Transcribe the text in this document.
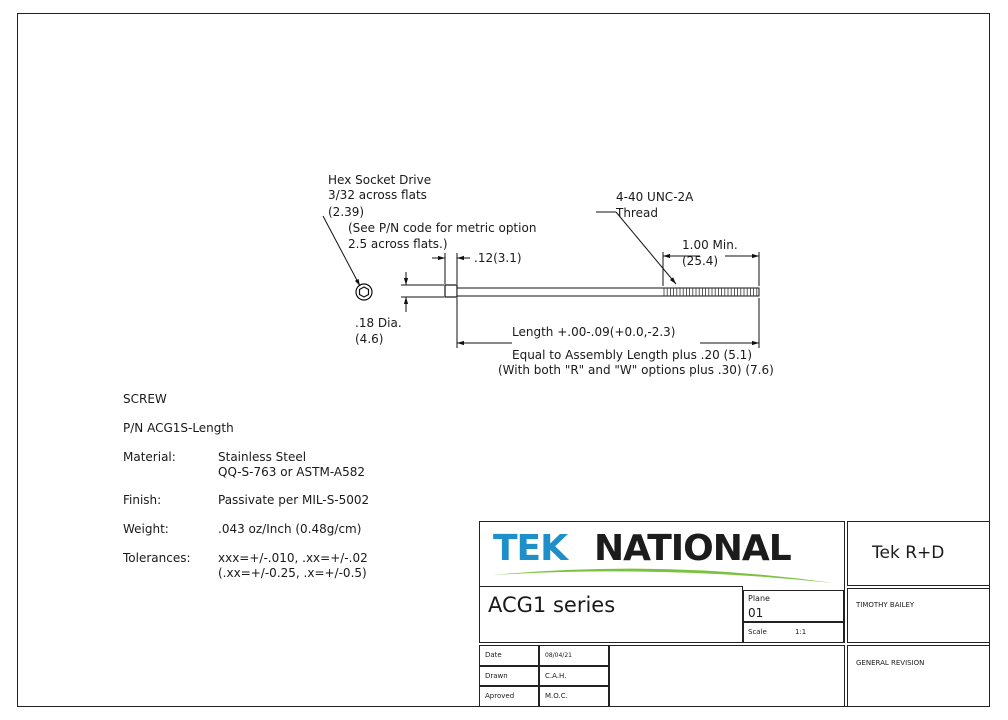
Hex Socket Drive
3/32 across flats
(2.39)
(See P/N code for metric option
2.5 across flats.)
.12(3.1)
4-40 UNC-2A
Thread
1.00 Min.
(25.4)
.18 Dia.
(4.6)	Length +.00-.09(+0.0,-2.3)
Equal to Assembly Length plus .20 (5.1)
(With both "R" and "W" options plus .30) (7.6)
SCREW
P/N ACG1S-Length
Material:	Stainless Steel
QQ-S-763 or ASTM-A582
Finish:	Passivate per MIL-S-5002
Weight:	.043 oz/Inch (0.48g/cm)
Tolerances: xxx=+/-.010, .xx=+/-.02
(.xx=+/-0.25, .x=+/-0.5)
TEK NATIONAL	Tek R+D
ACG1 series	Plane
01
Scale	1:1
TIMOTHY BAILEY
GENERAL REVISION
Date	08/04/21
Drawn	C.A.H.
Aproved	M.O.C.
